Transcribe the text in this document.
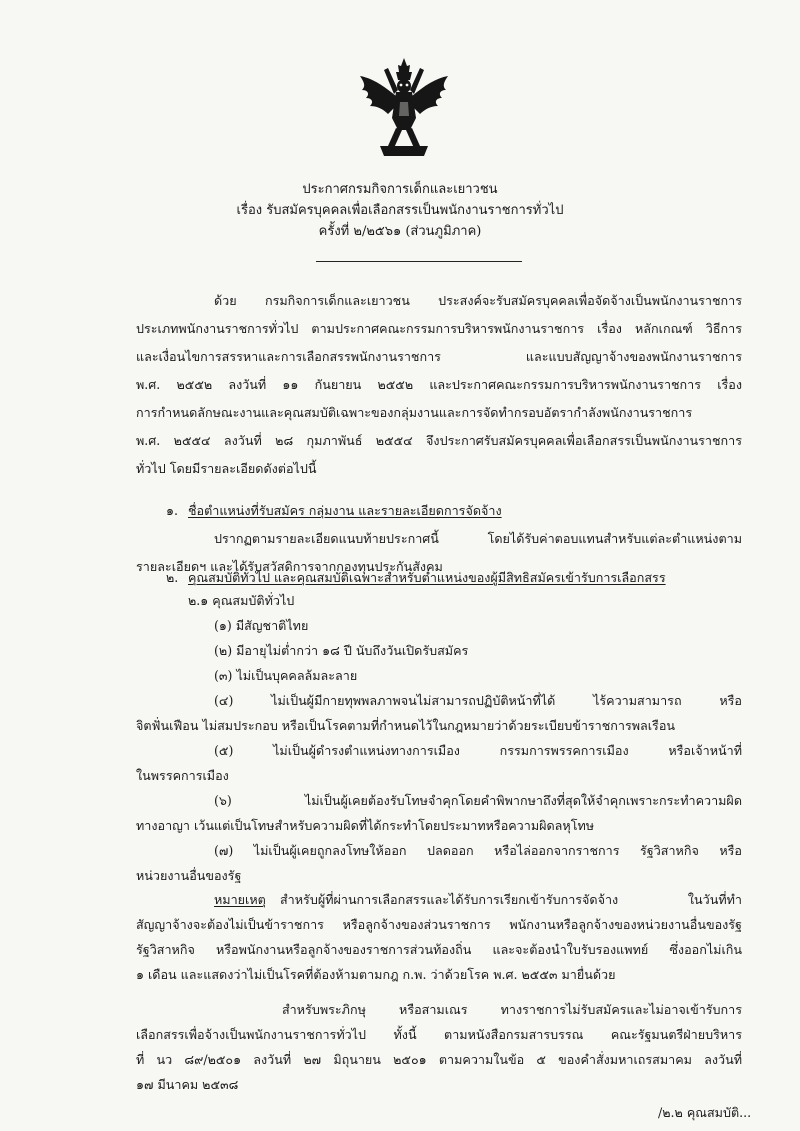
ประกาศกรมกิจการเด็กและเยาวชน
เรื่อง รับสมัครบุคคลเพื่อเลือกสรรเป็นพนักงานราชการทั่วไป
ครั้งที่ ๒/๒๕๖๑ (ส่วนภูมิภาค)
ด้วย กรมกิจการเด็กและเยาวชน ประสงค์จะรับสมัครบุคคลเพื่อจัดจ้างเป็นพนักงานราชการ
ประเภทพนักงานราชการทั่วไป ตามประกาศคณะกรรมการบริหารพนักงานราชการ เรื่อง หลักเกณฑ์ วิธีการ
และเงื่อนไขการสรรหาและการเลือกสรรพนักงานราชการ และแบบสัญญาจ้างของพนักงานราชการ
พ.ศ. ๒๕๕๒ ลงวันที่ ๑๑ กันยายน ๒๕๕๒ และประกาศคณะกรรมการบริหารพนักงานราชการ เรื่อง
การกำหนดลักษณะงานและคุณสมบัติเฉพาะของกลุ่มงานและการจัดทำกรอบอัตรากำลังพนักงานราชการ
พ.ศ. ๒๕๕๔ ลงวันที่ ๒๘ กุมภาพันธ์ ๒๕๕๔ จึงประกาศรับสมัครบุคคลเพื่อเลือกสรรเป็นพนักงานราชการ
ทั่วไป โดยมีรายละเอียดดังต่อไปนี้
๑. ชื่อตำแหน่งที่รับสมัคร กลุ่มงาน และรายละเอียดการจัดจ้าง
ปรากฏตามรายละเอียดแนบท้ายประกาศนี้ โดยได้รับค่าตอบแทนสำหรับแต่ละตำแหน่งตาม
รายละเอียดฯ และได้รับสวัสดิการจากกองทุนประกันสังคม
๒. คุณสมบัติทั่วไป และคุณสมบัติเฉพาะสำหรับตำแหน่งของผู้มีสิทธิสมัครเข้ารับการเลือกสรร
๒.๑ คุณสมบัติทั่วไป
(๑) มีสัญชาติไทย
(๒) มีอายุไม่ต่ำกว่า ๑๘ ปี นับถึงวันเปิดรับสมัคร
(๓) ไม่เป็นบุคคลล้มละลาย
(๔) ไม่เป็นผู้มีกายทุพพลภาพจนไม่สามารถปฏิบัติหน้าที่ได้ ไร้ความสามารถ หรือ
จิตฟั่นเฟือน ไม่สมประกอบ หรือเป็นโรคตามที่กำหนดไว้ในกฎหมายว่าด้วยระเบียบข้าราชการพลเรือน
(๕) ไม่เป็นผู้ดำรงตำแหน่งทางการเมือง กรรมการพรรคการเมือง หรือเจ้าหน้าที่
ในพรรคการเมือง
(๖) ไม่เป็นผู้เคยต้องรับโทษจำคุกโดยคำพิพากษาถึงที่สุดให้จำคุกเพราะกระทำความผิด
ทางอาญา เว้นแต่เป็นโทษสำหรับความผิดที่ได้กระทำโดยประมาทหรือความผิดลหุโทษ
(๗) ไม่เป็นผู้เคยถูกลงโทษให้ออก ปลดออก หรือไล่ออกจากราชการ รัฐวิสาหกิจ หรือ
หน่วยงานอื่นของรัฐ
หมายเหตุ สำหรับผู้ที่ผ่านการเลือกสรรและได้รับการเรียกเข้ารับการจัดจ้าง ในวันที่ทำ
สัญญาจ้างจะต้องไม่เป็นข้าราชการ หรือลูกจ้างของส่วนราชการ พนักงานหรือลูกจ้างของหน่วยงานอื่นของรัฐ
รัฐวิสาหกิจ หรือพนักงานหรือลูกจ้างของราชการส่วนท้องถิ่น และจะต้องนำใบรับรองแพทย์ ซึ่งออกไม่เกิน
๑ เดือน และแสดงว่าไม่เป็นโรคที่ต้องห้ามตามกฎ ก.พ. ว่าด้วยโรค พ.ศ. ๒๕๕๓ มายื่นด้วย
สำหรับพระภิกษุ หรือสามเณร ทางราชการไม่รับสมัครและไม่อาจเข้ารับการ
เลือกสรรเพื่อจ้างเป็นพนักงานราชการทั่วไป ทั้งนี้ ตามหนังสือกรมสารบรรณ คณะรัฐมนตรีฝ่ายบริหาร
ที่ นว ๘๙/๒๕๐๑ ลงวันที่ ๒๗ มิถุนายน ๒๕๐๑ ตามความในข้อ ๕ ของคำสั่งมหาเถรสมาคม ลงวันที่
๑๗ มีนาคม ๒๕๓๘
/๒.๒ คุณสมบัติ...
